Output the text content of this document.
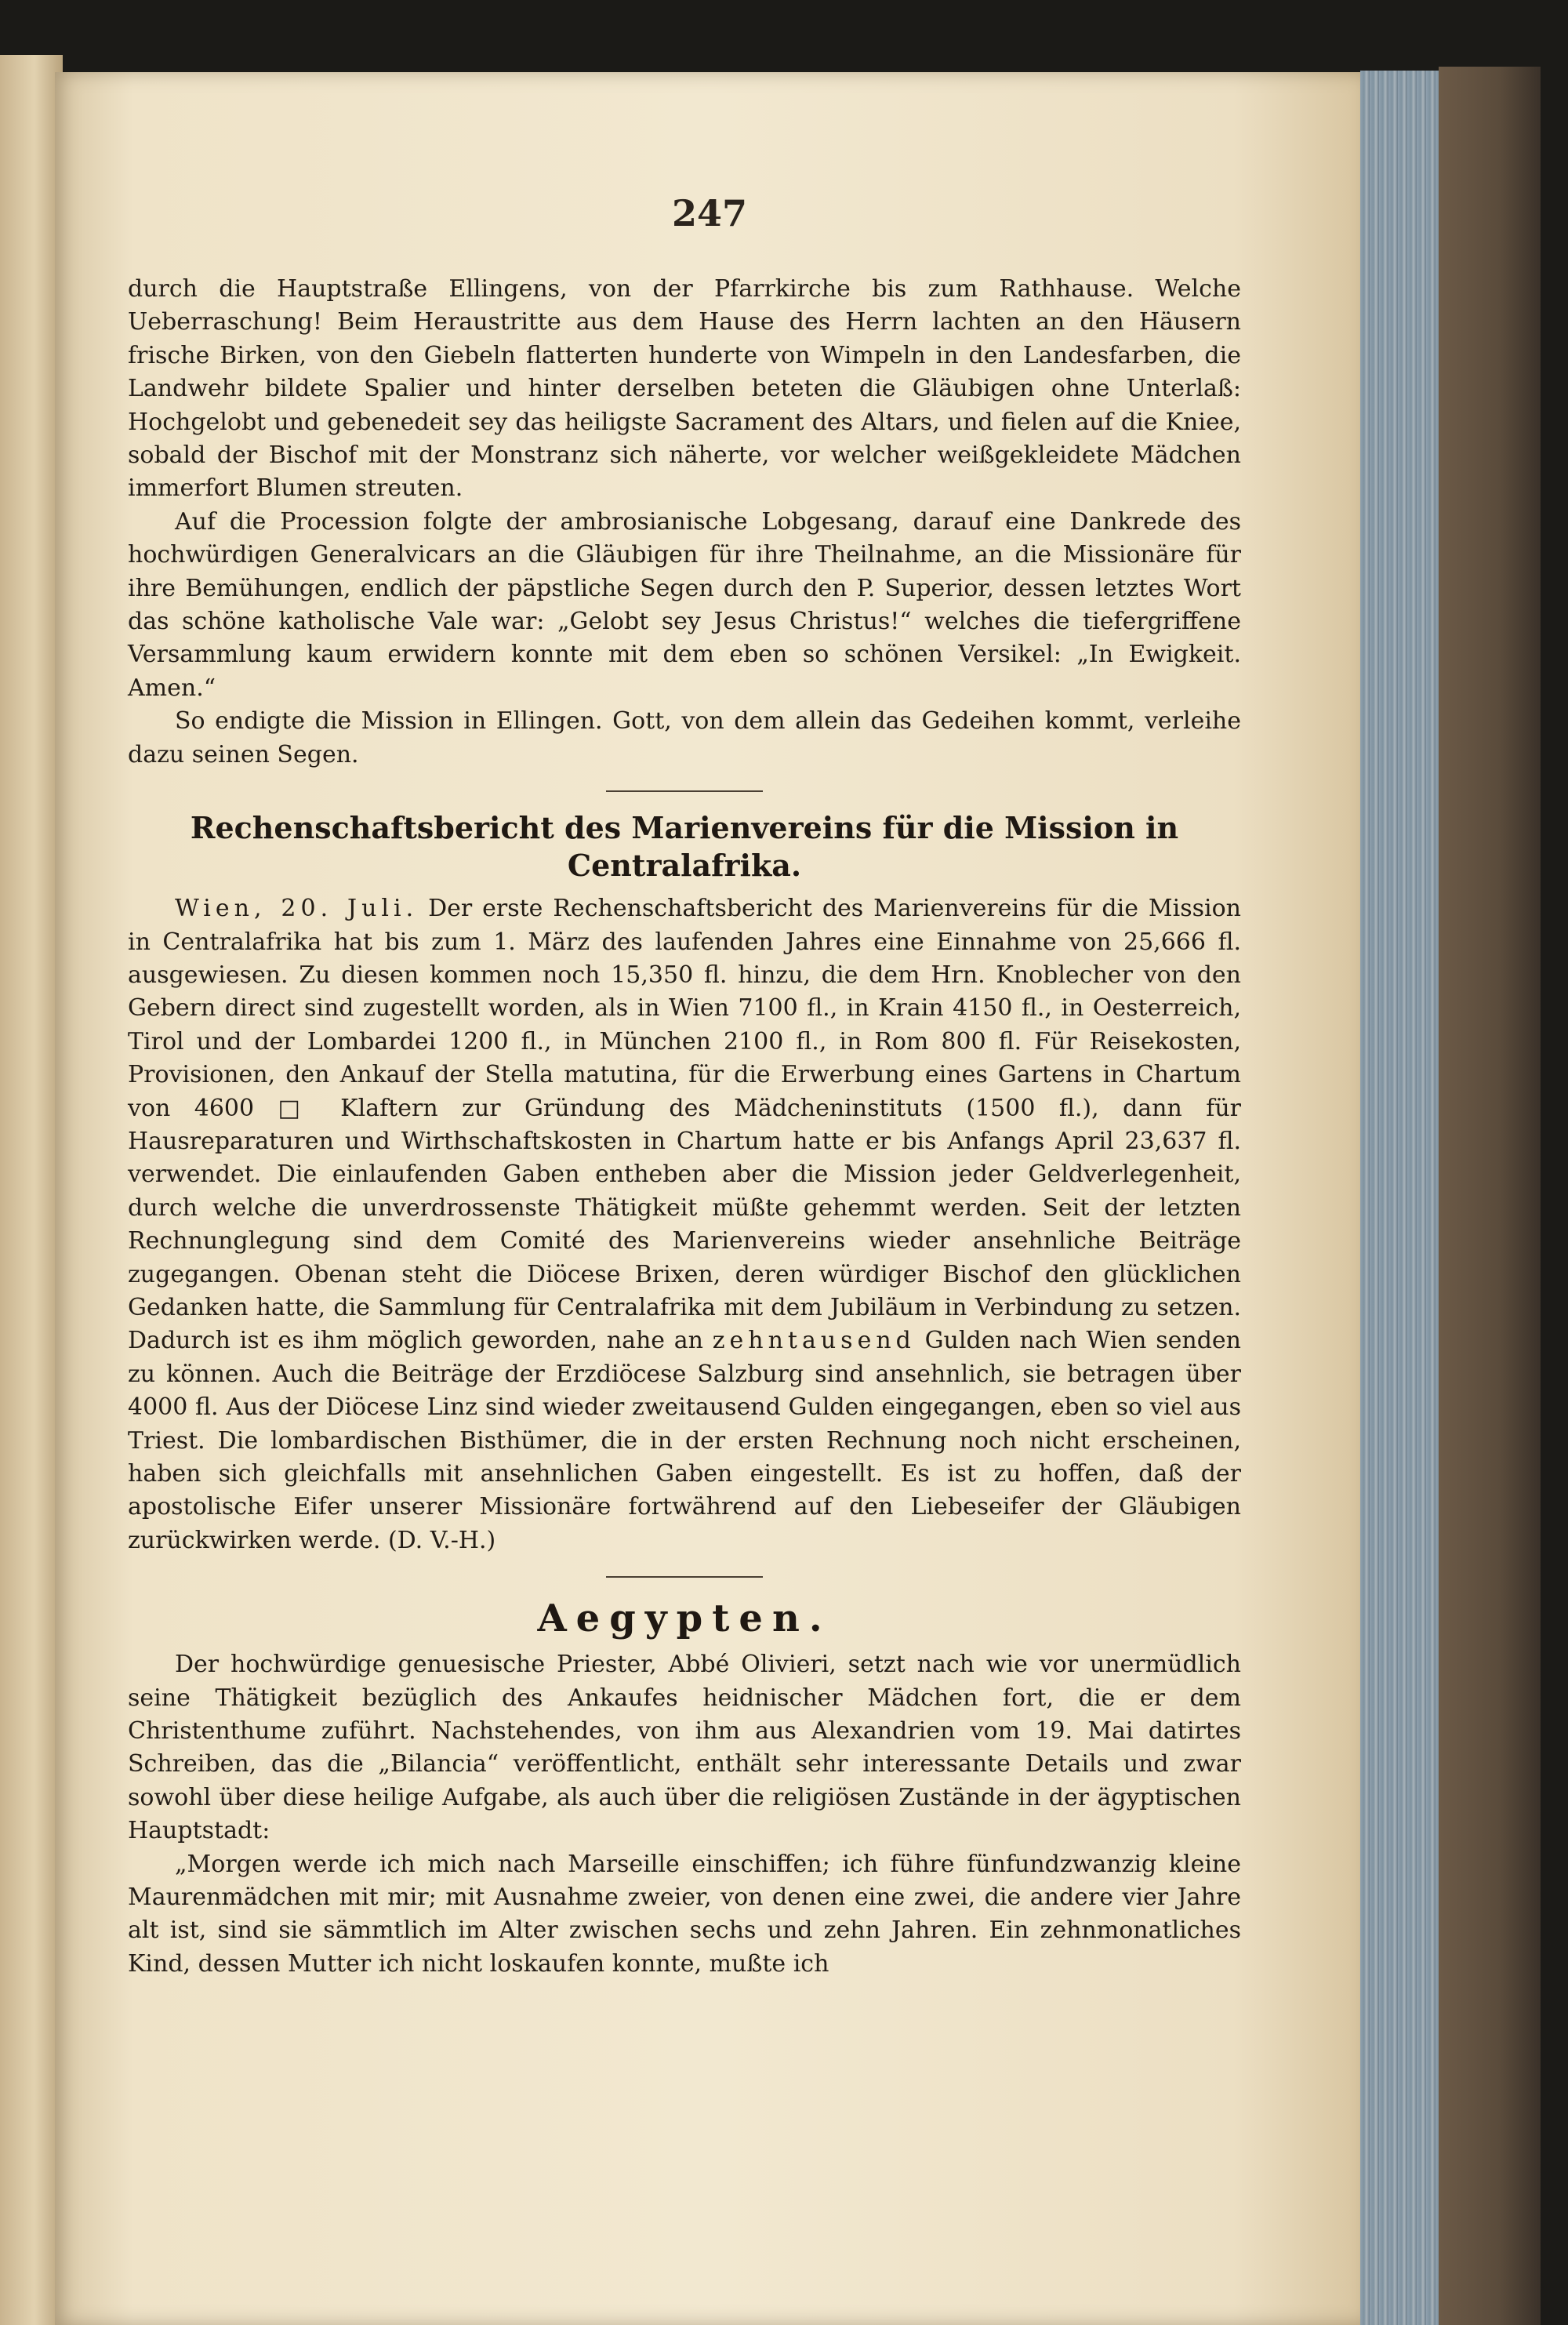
247

durch die Hauptstraße Ellingens, von der Pfarrkirche bis zum Rathhause. Welche Ueberraschung! Beim Heraustritte aus dem Hause des Herrn lachten an den Häusern frische Birken, von den Giebeln flatterten hunderte von Wimpeln in den Landesfarben, die Landwehr bildete Spalier und hinter derselben beteten die Gläubigen ohne Unterlaß: Hochgelobt und gebenedeit sey das heiligste Sacrament des Altars, und fielen auf die Kniee, sobald der Bischof mit der Monstranz sich näherte, vor welcher weißgekleidete Mädchen immerfort Blumen streuten.

Auf die Procession folgte der ambrosianische Lobgesang, darauf eine Dankrede des hochwürdigen Generalvicars an die Gläubigen für ihre Theilnahme, an die Missionäre für ihre Bemühungen, endlich der päpstliche Segen durch den P. Superior, dessen letztes Wort das schöne katholische Vale war: „Gelobt sey Jesus Christus!“ welches die tiefergriffene Versammlung kaum erwidern konnte mit dem eben so schönen Versikel: „In Ewigkeit. Amen.“

So endigte die Mission in Ellingen. Gott, von dem allein das Gedeihen kommt, verleihe dazu seinen Segen.

Rechenschaftsbericht des Marienvereins für die Mission in Centralafrika.

Wien, 20. Juli. Der erste Rechenschaftsbericht des Marienvereins für die Mission in Centralafrika hat bis zum 1. März des laufenden Jahres eine Einnahme von 25,666 fl. ausgewiesen. Zu diesen kommen noch 15,350 fl. hinzu, die dem Hrn. Knoblecher von den Gebern direct sind zugestellt worden, als in Wien 7100 fl., in Krain 4150 fl., in Oesterreich, Tirol und der Lombardei 1200 fl., in München 2100 fl., in Rom 800 fl. Für Reisekosten, Provisionen, den Ankauf der Stella matutina, für die Erwerbung eines Gartens in Chartum von 4600 □ Klaftern zur Gründung des Mädcheninstituts (1500 fl.), dann für Hausreparaturen und Wirthschaftskosten in Chartum hatte er bis Anfangs April 23,637 fl. verwendet. Die einlaufenden Gaben entheben aber die Mission jeder Geldverlegenheit, durch welche die unverdrossenste Thätigkeit müßte gehemmt werden. Seit der letzten Rechnunglegung sind dem Comité des Marienvereins wieder ansehnliche Beiträge zugegangen. Obenan steht die Diöcese Brixen, deren würdiger Bischof den glücklichen Gedanken hatte, die Sammlung für Centralafrika mit dem Jubiläum in Verbindung zu setzen. Dadurch ist es ihm möglich geworden, nahe an zehntausend Gulden nach Wien senden zu können. Auch die Beiträge der Erzdiöcese Salzburg sind ansehnlich, sie betragen über 4000 fl. Aus der Diöcese Linz sind wieder zweitausend Gulden eingegangen, eben so viel aus Triest. Die lombardischen Bisthümer, die in der ersten Rechnung noch nicht erscheinen, haben sich gleichfalls mit ansehnlichen Gaben eingestellt. Es ist zu hoffen, daß der apostolische Eifer unserer Missionäre fortwährend auf den Liebeseifer der Gläubigen zurückwirken werde. (D. V.-H.)

Aegypten.

Der hochwürdige genuesische Priester, Abbé Olivieri, setzt nach wie vor unermüdlich seine Thätigkeit bezüglich des Ankaufes heidnischer Mädchen fort, die er dem Christenthume zuführt. Nachstehendes, von ihm aus Alexandrien vom 19. Mai datirtes Schreiben, das die „Bilancia“ veröffentlicht, enthält sehr interessante Details und zwar sowohl über diese heilige Aufgabe, als auch über die religiösen Zustände in der ägyptischen Hauptstadt:

„Morgen werde ich mich nach Marseille einschiffen; ich führe fünfundzwanzig kleine Maurenmädchen mit mir; mit Ausnahme zweier, von denen eine zwei, die andere vier Jahre alt ist, sind sie sämmtlich im Alter zwischen sechs und zehn Jahren. Ein zehnmonatliches Kind, dessen Mutter ich nicht loskaufen konnte, mußte ich
